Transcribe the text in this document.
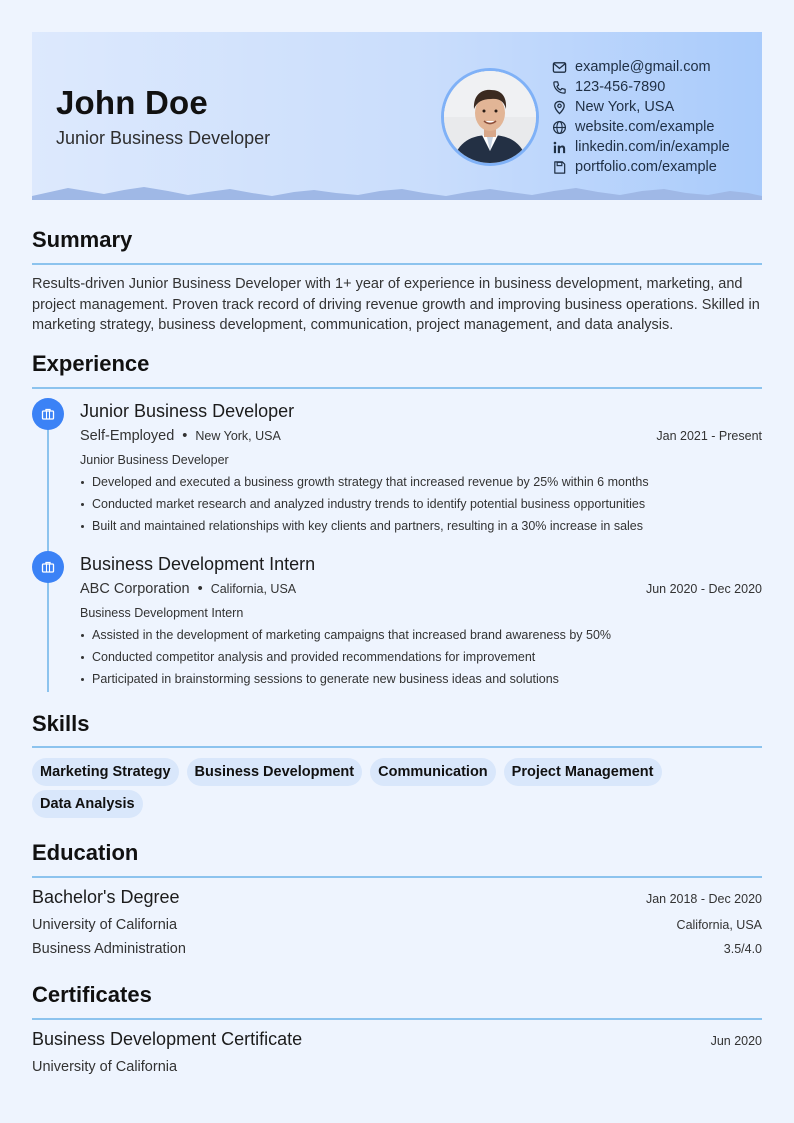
John Doe
Junior Business Developer
example@gmail.com
123-456-7890
New York, USA
website.com/example
linkedin.com/in/example
portfolio.com/example
Summary
Results-driven Junior Business Developer with 1+ year of experience in business development, marketing, and project management. Proven track record of driving revenue growth and improving business operations. Skilled in marketing strategy, business development, communication, project management, and data analysis.
Experience
Junior Business Developer
Self-Employed • New York, USA	Jan 2021 - Present
Junior Business Developer
Developed and executed a business growth strategy that increased revenue by 25% within 6 months
Conducted market research and analyzed industry trends to identify potential business opportunities
Built and maintained relationships with key clients and partners, resulting in a 30% increase in sales
Business Development Intern
ABC Corporation • California, USA	Jun 2020 - Dec 2020
Business Development Intern
Assisted in the development of marketing campaigns that increased brand awareness by 50%
Conducted competitor analysis and provided recommendations for improvement
Participated in brainstorming sessions to generate new business ideas and solutions
Skills
Marketing Strategy Business Development Communication Project ManagementData Analysis
Education
Bachelor's Degree	Jan 2018 - Dec 2020
University of California	California, USA
Business Administration	3.5/4.0
Certificates
Business Development Certificate	Jun 2020
University of California
